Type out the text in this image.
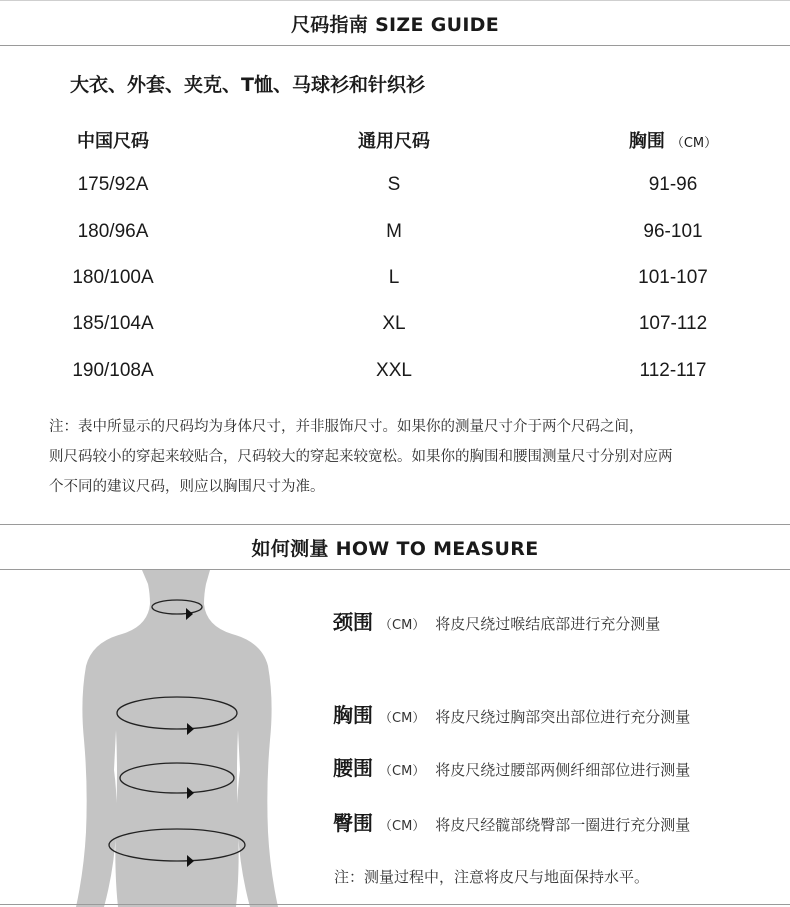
尺码指南 SIZE GUIDE
大衣、外套、夹克、T恤、马球衫和针织衫
中国尺码	通用尺码	胸围 （CM）
175/92A	S	91-96
180/96A	M	96-101
180/100A	L	101-107
185/104A	XL	107-112
190/108A	XXL	112-117
注：表中所显示的尺码均为身体尺寸，并非服饰尺寸。如果你的测量尺寸介于两个尺码之间，
则尺码较小的穿起来较贴合，尺码较大的穿起来较宽松。如果你的胸围和腰围测量尺寸分别对应两
个不同的建议尺码，则应以胸围尺寸为准。
如何测量 HOW TO MEASURE
颈围 （CM） 将皮尺绕过喉结底部进行充分测量
胸围 （CM） 将皮尺绕过胸部突出部位进行充分测量
腰围 （CM） 将皮尺绕过腰部两侧纤细部位进行测量
臀围 （CM） 将皮尺经髋部绕臀部一圈进行充分测量
注：测量过程中，注意将皮尺与地面保持水平。
